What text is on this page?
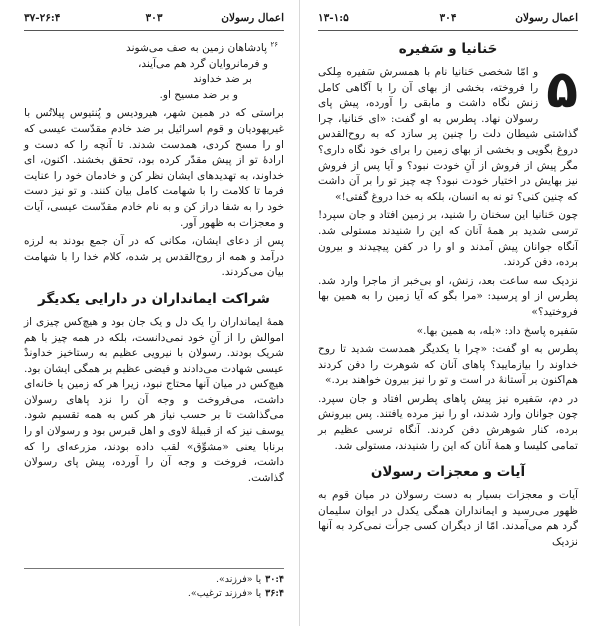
۳۷-۲۶:۴	۳۰۳	اعمال رسولان
$^{۲۶}$ پادشاهان زمین به صف می‌شوند
و فرمانروایان گرد هم می‌آیند،
بر ضد خداوند
و بر ضد مسیح او.

براستی که در همین شهر، هیرودیس و پُنتیوس پیلاتُس با غیریهودیان و قوم اسرائیل بر ضد خادم مقدّست عیسی که او را مسح کردی، همدست شدند. تا آنچه را که دست و ارادهٔ تو از پیش مقدّر کرده بود، تحقق بخشند. اکنون، ای خداوند، به تهدیدهای ایشان نظر کن و خادمان خود را عنایت فرما تا کلامت را با شهامت کامل بیان کنند. و تو نیز دست خود را به شفا دراز کن و به نام خادم مقدّست عیسی، آیات و معجزات به ظهور آور.

پس از دعای ایشان، مکانی که در آن جمع بودند به لرزه درآمد و همه از روح‌القدس پر شده، کلام خدا را با شهامت بیان می‌کردند.

شراکت ایمانداران در دارایی یکدیگر

همهٔ ایمانداران را یک دل و یک جان بود و هیچ‌کس چیزی از اموالش را از آنِ خود نمی‌دانست، بلکه در همه چیز با هم شریک بودند. رسولان با نیرویی عظیم به رستاخیز خداوندْ عیسی شهادت می‌دادند و فیضی عظیم بر همگی ایشان بود. هیچ‌کس در میان آنها محتاج نبود، زیرا هر که زمین یا خانه‌ای داشت، می‌فروخت و وجه آن را نزد پاهای رسولان می‌گذاشت تا بر حسب نیاز هر کس به همه تقسیم شود. یوسف نیز که از قبیلهٔ لاوی و اهل قبرس بود و رسولان او را برنابا یعنی «مشوِّق» لقب داده بودند، مزرعه‌ای را که داشت، فروخت و وجه آن را آورده، پیش پای رسولان گذاشت.

۳۰:۴یا «فرزند».
۳۶:۴یا «فرزند ترغیب».
۱۳-۱:۵	۳۰۴	اعمال رسولان
حَنانیا و سَفیره

۵
و امّا شخصی حَنانیا نام با همسرش سَفیره مِلکی را فروخته، بخشی از بهای آن را با آگاهی کامل زنش نگاه داشت و مابقی را آورده، پیش پای رسولان نهاد. پطرس به او گفت: «ای حَنانیا، چرا گذاشتی شیطان دلت را چنین پر سازد که به روح‌القدس دروغ بگویی و بخشی از بهای زمین را برای خود نگاه داری؟ مگر پیش از فروش از آنِ خودت نبود؟ و آیا پس از فروش نیز بهایش در اختیار خودت نبود؟ چه چیز تو را بر آن داشت که چنین کنی؟ تو نه به انسان، بلکه به خدا دروغ گفتی!»

چون حَنانیا این سخنان را شنید، بر زمین افتاد و جان سپرد! ترسی شدید بر همهٔ آنان که این را شنیدند مستولی شد. آنگاه جوانان پیش آمدند و او را در کفن پیچیدند و بیرون برده، دفن کردند.

نزدیک سه ساعت بعد، زنش، او بی‌خبر از ماجرا وارد شد. پطرس از او پرسید: «مرا بگو که آیا زمین را به همین بها فروختید؟»

سَفیره پاسخ داد: «بله، به همین بها.»

پطرس به او گفت: «چرا با یکدیگر همدست شدید تا روح خداوند را بیازمایید؟ پاهای آنان که شوهرت را دفن کردند هم‌اکنون بر آستانهٔ در است و تو را نیز بیرون خواهند برد.»

در دم، سَفیره نیز پیش پاهای پطرس افتاد و جان سپرد. چون جوانان وارد شدند، او را نیز مرده یافتند. پس بیرونش برده، کنار شوهرش دفن کردند. آنگاه ترسی عظیم بر تمامی کلیسا و همهٔ آنان که این را شنیدند، مستولی شد.

آیات و معجزات رسولان

آیات و معجزات بسیار به دست رسولان در میان قوم به ظهور می‌رسید و ایمانداران همگی یکدل در ایوان سلیمان گرد هم می‌آمدند. امّا از دیگران کسی جرأت نمی‌کرد به آنها نزدیک
